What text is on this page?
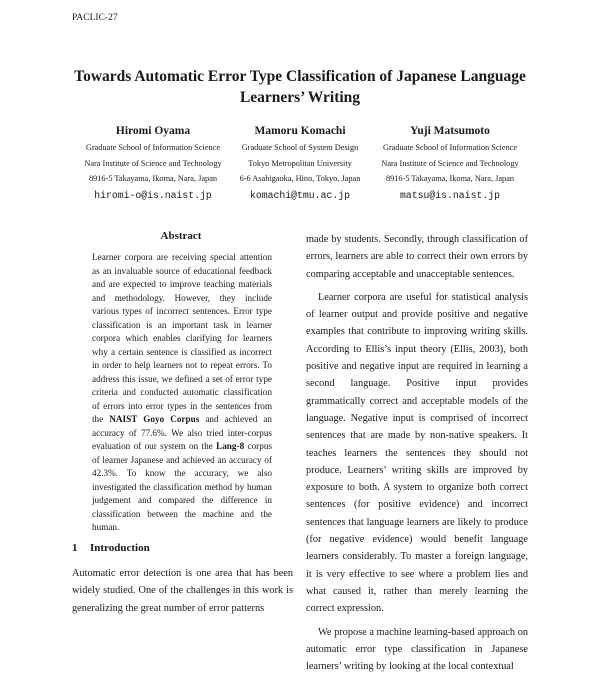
PACLIC-27
Towards Automatic Error Type Classification of Japanese Language
Learners’ Writing
Hiromi Oyama
Graduate School of Information Science
Nara Institute of Science and Technology
8916-5 Takayama, Ikoma, Nara, Japan
hiromi-o@is.naist.jp
Mamoru Komachi
Graduate School of System Design
Tokyo Metropolitan University
6-6 Asahigaoka, Hino, Tokyo, Japan
komachi@tmu.ac.jp
Yuji Matsumoto
Graduate School of Information Science
Nara Institute of Science and Technology
8916-5 Takayama, Ikoma, Nara, Japan
matsu@is.naist.jp
Abstract
Learner corpora are receiving special attention as an invaluable source of educational feedback and are expected to improve teaching materials and methodology. However, they include various types of incorrect sentences. Error type classification is an important task in learner corpora which enables clarifying for learners why a certain sentence is classified as incorrect in order to help learners not to repeat errors. To address this issue, we defined a set of error type criteria and conducted automatic classification of errors into error types in the sentences from the NAIST Goyo Corpus and achieved an accuracy of 77.6%. We also tried inter-corpus evaluation of our system on the Lang-8 corpus of learner Japanese and achieved an accuracy of 42.3%. To know the accuracy, we also investigated the classification method by human judgement and compared the difference in classification between the machine and the human.
1 Introduction
Automatic error detection is one area that has been widely studied. One of the challenges in this work is generalizing the great number of error patterns

made by students. Secondly, through classification of errors, learners are able to correct their own errors by comparing acceptable and unacceptable sentences.

Learner corpora are useful for statistical analysis of learner output and provide positive and negative examples that contribute to improving writing skills. According to Ellis’s input theory (Ellis, 2003), both positive and negative input are required in learning a second language. Positive input provides grammatically correct and acceptable models of the language. Negative input is comprised of incorrect sentences that are made by non-native speakers. It teaches learners the sentences they should not produce. Learners’ writing skills are improved by exposure to both. A system to organize both correct sentences (for positive evidence) and incorrect sentences that language learners are likely to produce (for negative evidence) would benefit language learners considerably. To master a foreign language, it is very effective to see where a problem lies and what caused it, rather than merely learning the correct expression.

We propose a machine learning-based approach on automatic error type classification in Japanese learners’ writing by looking at the local contextual
